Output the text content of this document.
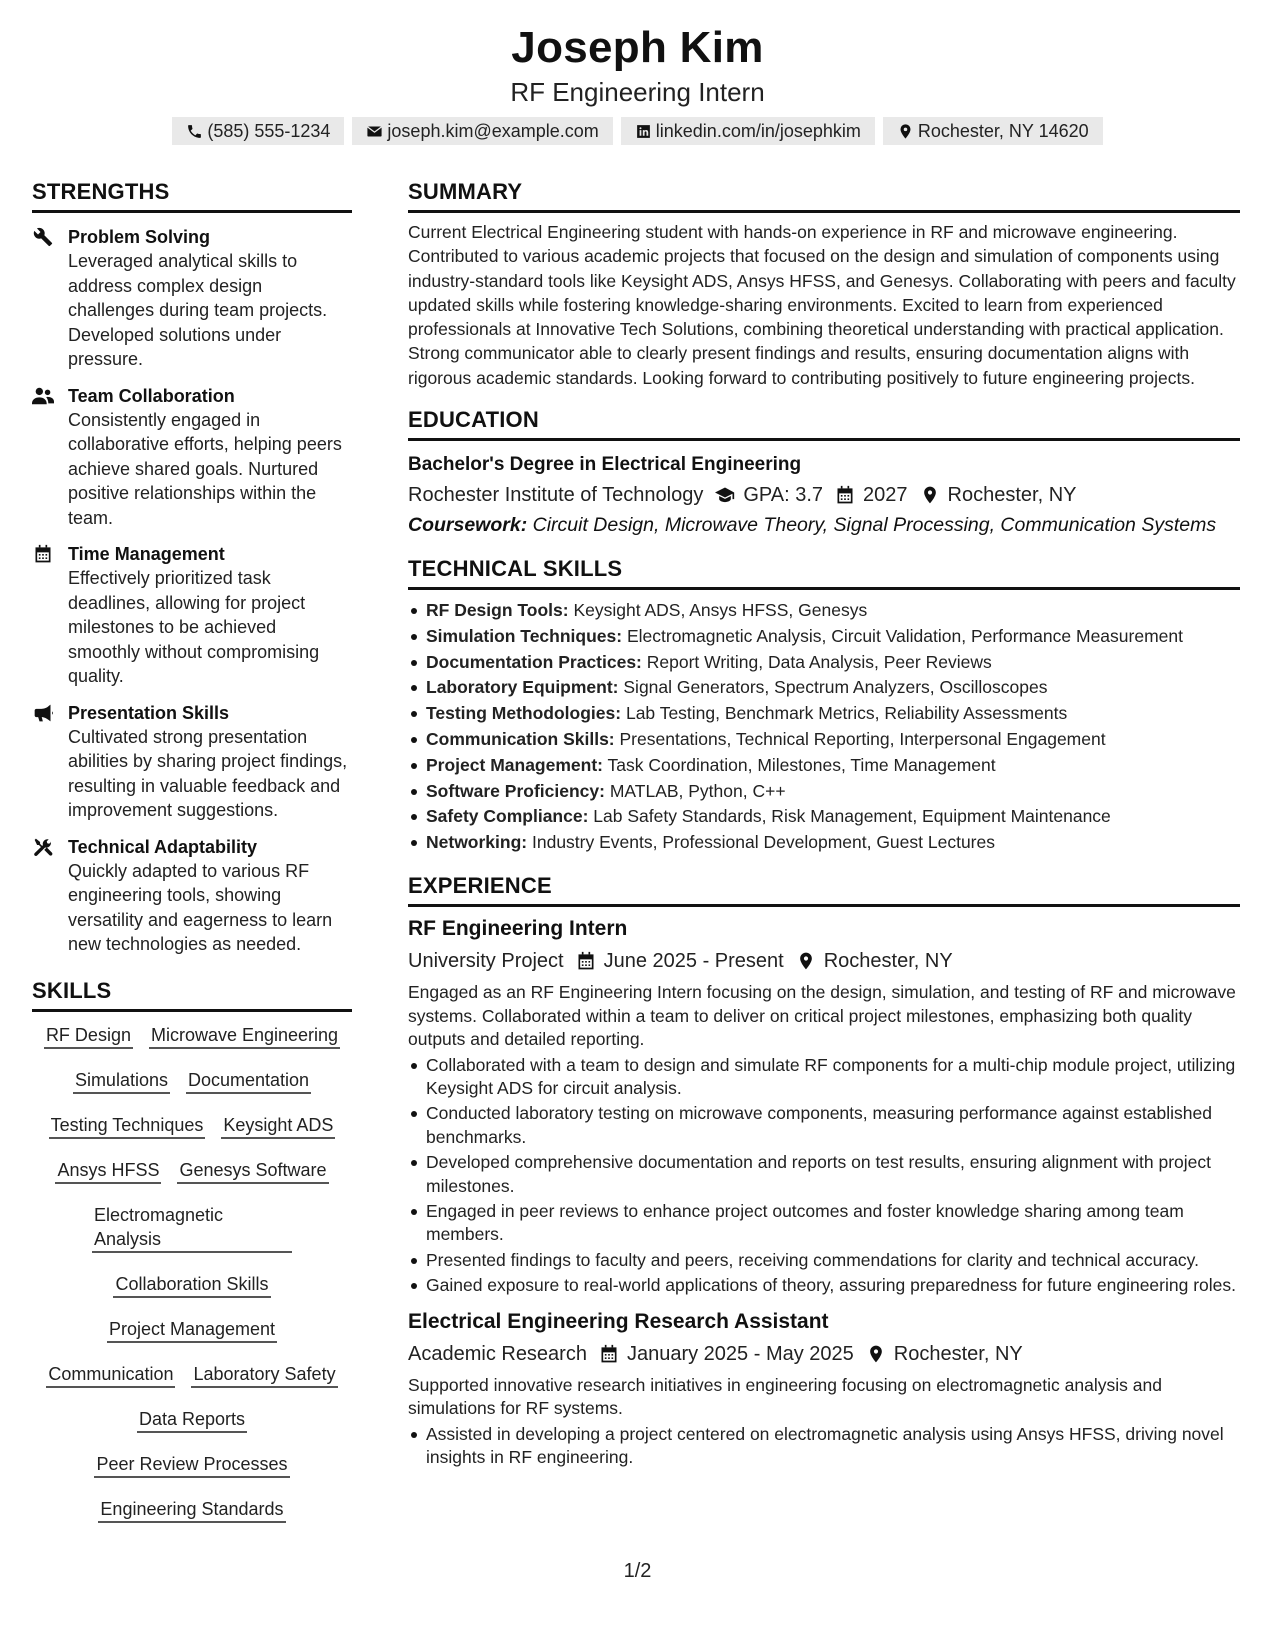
Joseph Kim
RF Engineering Intern
(585) 555-1234	joseph.kim@example.com	linkedin.com/in/josephkim	Rochester, NY 14620
STRENGTHS
Problem Solving
Leveraged analytical skills to address complex design challenges during team projects. Developed solutions under pressure.
Team Collaboration
Consistently engaged in collaborative efforts, helping peers achieve shared goals. Nurtured positive relationships within the team.
Time Management
Effectively prioritized task deadlines, allowing for project milestones to be achieved smoothly without compromising quality.
Presentation Skills
Cultivated strong presentation abilities by sharing project findings, resulting in valuable feedback and improvement suggestions.
Technical Adaptability
Quickly adapted to various RF engineering tools, showing versatility and eagerness to learn new technologies as needed.
SKILLS
RF Design Microwave Engineering
Simulations Documentation
Testing Techniques Keysight ADS
Ansys HFSS Genesys Software
Electromagnetic Analysis
Collaboration Skills
Project Management
Communication Laboratory Safety
Data Reports
Peer Review Processes
Engineering Standards
SUMMARY
Current Electrical Engineering student with hands-on experience in RF and microwave engineering. Contributed to various academic projects that focused on the design and simulation of components using industry-standard tools like Keysight ADS, Ansys HFSS, and Genesys. Collaborating with peers and faculty updated skills while fostering knowledge-sharing environments. Excited to learn from experienced professionals at Innovative Tech Solutions, combining theoretical understanding with practical application. Strong communicator able to clearly present findings and results, ensuring documentation aligns with rigorous academic standards. Looking forward to contributing positively to future engineering projects.
EDUCATION
Bachelor's Degree in Electrical Engineering
Rochester Institute of Technology GPA: 3.7 2027 Rochester, NY
Coursework: Circuit Design, Microwave Theory, Signal Processing, Communication Systems
TECHNICAL SKILLS
RF Design Tools: Keysight ADS, Ansys HFSS, Genesys
Simulation Techniques: Electromagnetic Analysis, Circuit Validation, Performance Measurement
Documentation Practices: Report Writing, Data Analysis, Peer Reviews
Laboratory Equipment: Signal Generators, Spectrum Analyzers, Oscilloscopes
Testing Methodologies: Lab Testing, Benchmark Metrics, Reliability Assessments
Communication Skills: Presentations, Technical Reporting, Interpersonal Engagement
Project Management: Task Coordination, Milestones, Time Management
Software Proficiency: MATLAB, Python, C++
Safety Compliance: Lab Safety Standards, Risk Management, Equipment Maintenance
Networking: Industry Events, Professional Development, Guest Lectures
EXPERIENCE
RF Engineering Intern
University Project June 2025 - Present Rochester, NY
Engaged as an RF Engineering Intern focusing on the design, simulation, and testing of RF and microwave systems. Collaborated within a team to deliver on critical project milestones, emphasizing both quality outputs and detailed reporting.
Collaborated with a team to design and simulate RF components for a multi-chip module project, utilizing Keysight ADS for circuit analysis.
Conducted laboratory testing on microwave components, measuring performance against established benchmarks.
Developed comprehensive documentation and reports on test results, ensuring alignment with project milestones.
Engaged in peer reviews to enhance project outcomes and foster knowledge sharing among team members.
Presented findings to faculty and peers, receiving commendations for clarity and technical accuracy.
Gained exposure to real-world applications of theory, assuring preparedness for future engineering roles.
Electrical Engineering Research Assistant
Academic Research January 2025 - May 2025 Rochester, NY
Supported innovative research initiatives in engineering focusing on electromagnetic analysis and simulations for RF systems.
Assisted in developing a project centered on electromagnetic analysis using Ansys HFSS, driving novel insights in RF engineering.
1/2
